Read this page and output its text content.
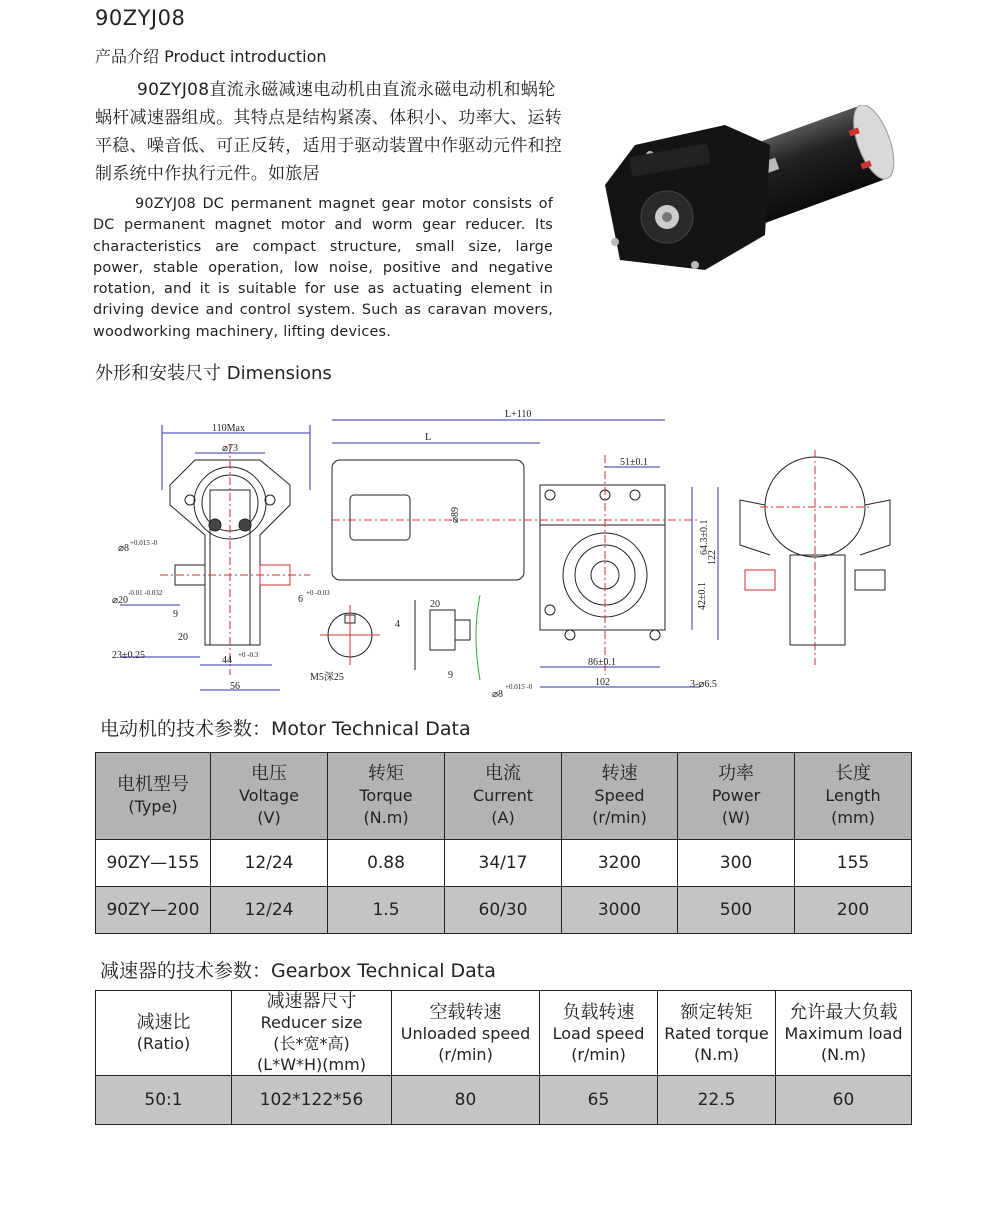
90ZYJ08
产品介绍 Product introduction
90ZYJ08直流永磁减速电动机由直流永磁电动机和蜗轮蜗杆减速器组成。其特点是结构紧凑、体积小、功率大、运转平稳、噪音低、可正反转，适用于驱动装置中作驱动元件和控制系统中作执行元件。如旅居
90ZYJ08 DC permanent magnet gear motor consists of DC permanent magnet motor and worm gear reducer. Its characteristics are compact structure, small size, large power, stable operation, low noise, positive and negative rotation, and it is suitable for use as actuating element in driving device and control system. Such as caravan movers, woodworking machinery, lifting devices.
外形和安装尺寸 Dimensions
110Max
⌀73
⌀8 +0.015 -0
⌀20
-0.01 -0.032
9
20
23±0.25	44 +0 -0.3
56
6
+0 -0.03
L+110
L
⌀89
51±0.1
64.3±0.1
122
42±0.1
86±0.1
102	3-⌀6.5
4
M5深25
20
9
⌀8
+0.015 -0
电动机的技术参数：Motor Technical Data
电机型号
(Type)	电压
Voltage
(V)	转矩
Torque
(N.m)	电流
Current
(A)	转速
Speed
(r/min)	功率
Power
(W)	长度
Length
(mm)

90ZY—155	12/24	0.88	34/17	3200	300	155
90ZY—200	12/24	1.5	60/30	3000	500	200
减速器的技术参数：Gearbox Technical Data
减速比
(Ratio)	减速器尺寸
Reducer size
(长*宽*高)
(L*W*H)(mm)	空载转速
Unloaded speed
(r/min)	负载转速
Load speed
(r/min)	额定转矩
Rated torque
(N.m)	允许最大负载
Maximum load
(N.m)

50:1	102*122*56	80	65	22.5	60
